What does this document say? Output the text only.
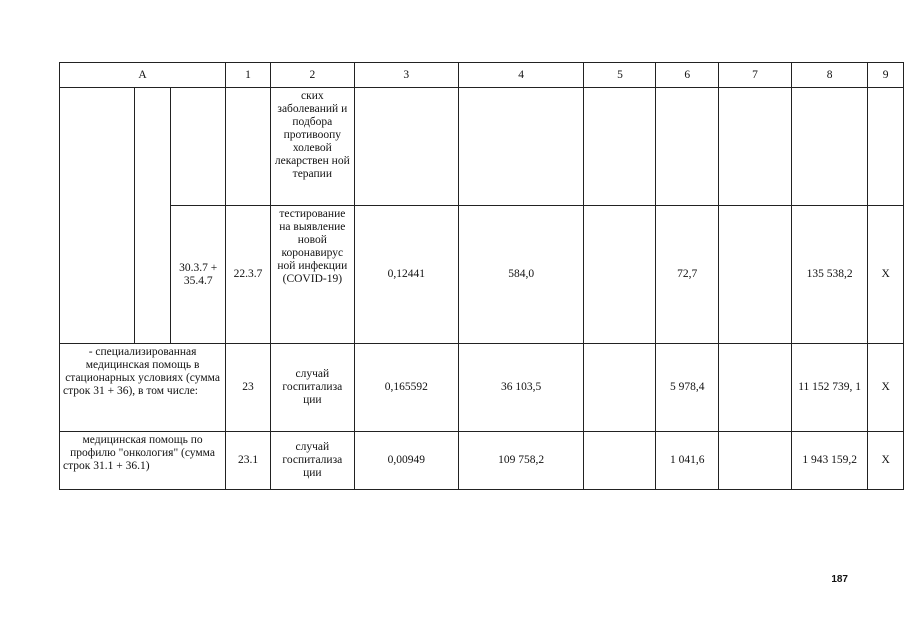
А			1	2	3	4	5	6	7	8	9
				ских заболеваний и подбора противоопу холевой лекарствен ной терапии							
		30.3.7 + 35.4.7	22.3.7	тестирование на выявление новой коронавирус ной инфекции (COVID-19)	0,12441	584,0		72,7		135 538,2	Х
- специализированная медицинская помощь в стационарных условиях (сумма строк 31 + 36), в том числе:			23	случай госпитализа ции	0,165592	36 103,5		5 978,4		11 152 739, 1	Х
медицинская помощь по профилю "онкология" (сумма строк 31.1 + 36.1)			23.1	случай госпитализа ции	0,00949	109 758,2		1 041,6		1 943 159,2	Х
187
